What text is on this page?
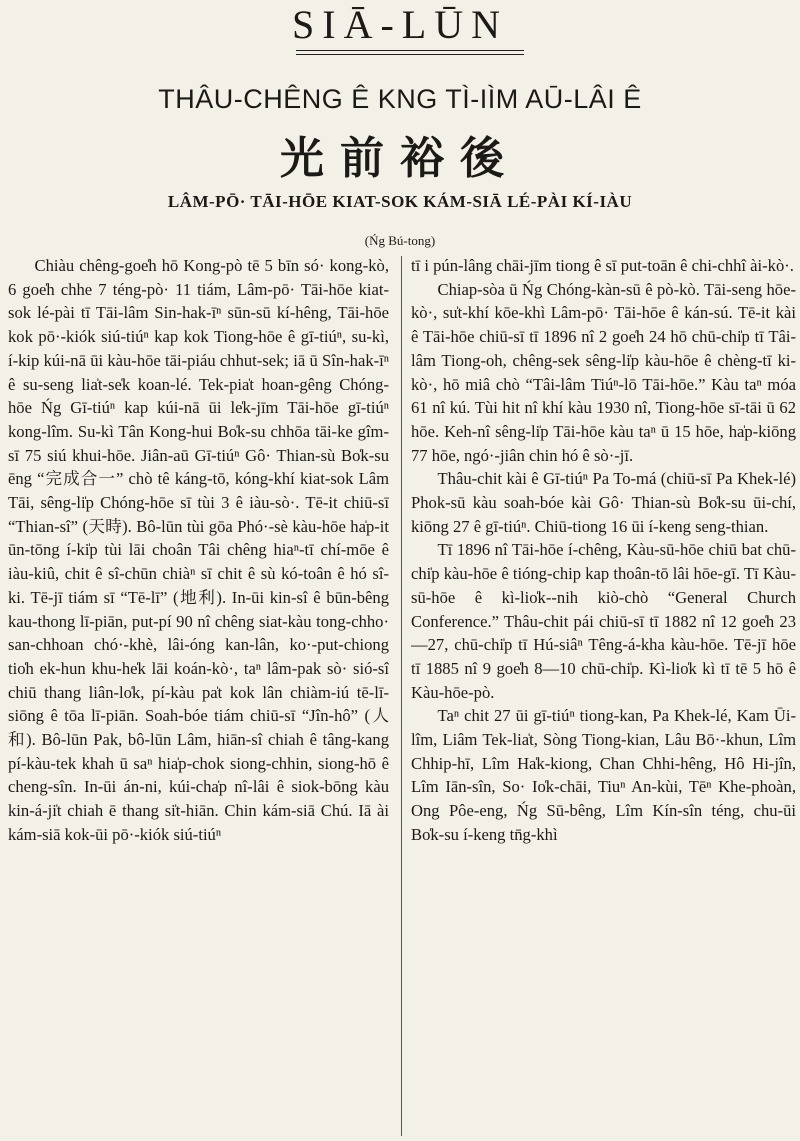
SIĀ-LŪN
THÂU-CHÊNG Ê KNG TÌ-IÌM AŪ-LÂI Ê
光前裕後
LÂM-PŌ· TĀI-HŌE KIAT-SOK KÁM-SIĀ LÉ-PÀI KÍ-IÀU
(Ńg Bú-tong)

Chiàu chêng-goe̍h hō Kong-pò tē 5 bīn só· kong-kò, 6 goe̍h chhe 7 téng-pò· 11 tiám, Lâm-pō· Tāi-hōe kiat-sok lé-pài tī Tāi-lâm Sin-hak-īⁿ sūn-sū kí-hêng, Tāi-hōe kok pō·-kiók siú-tiúⁿ kap kok Tiong-hōe ê gī-tiúⁿ, su-kì, í-kip kúi-nā ūi kàu-hōe tāi-piáu chhut-sek; iā ū Sîn-hak-īⁿ ê su-seng lia̍t-se̍k koan-lé. Tek-pia̍t hoan-gêng Chóng-hōe Ńg Gī-tiúⁿ kap kúi-nā ūi le̍k-jīm Tāi-hōe gī-tiúⁿ kong-lîm. Su-kì Tân Kong-hui Bo̍k-su chhōa tāi-ke gîm-sī 75 siú khui-hōe. Jiân-aū Gī-tiúⁿ Gô· Thian-sù Bo̍k-su ēng “完成合一” chò tê káng-tō, kóng-khí kiat-sok Lâm Tāi, sêng-li̍p Chóng-hōe sī tùi 3 ê iàu-sò·. Tē-it chiū-sī “Thian-sî” (天時). Bô-lūn tùi gōa Phó·-sè kàu-hōe ha̍p-it ūn-tōng í-ki̍p tùi lāi choân Tâi chêng hiaⁿ-tī chí-mōe ê iàu-kiû, chit ê sî-chūn chiàⁿ sī chit ê sù kó-toân ê hó sî-ki. Tē-jī tiám sī “Tē-lī” (地利). In-ūi kin-sî ê būn-bêng kau-thong lī-piān, put-pí 90 nî chêng siat-kàu tong-chho· san-chhoan chó·-khè, lâi-óng kan-lân, ko·-put-chiong tio̍h ek-hun khu-he̍k lāi koán-kò·, taⁿ lâm-pak sò· sió-sî chiū thang liân-lo̍k, pí-kàu pa̍t kok lân chiàm-iú tē-lī-siōng ê tōa lī-piān. Soah-bóe tiám chiū-sī “Jîn-hô” (人和). Bô-lūn Pak, bô-lūn Lâm, hiān-sî chiah ê tâng-kang pí-kàu-tek khah ū saⁿ hia̍p-chok siong-chhin, siong-hō ê cheng-sîn. In-ūi án-ni, kúi-cha̍p nî-lâi ê siok-bōng kàu kin-á-ji̍t chiah ē thang si̍t-hiān. Chin kám-siā Chú. Iā ài kám-siā kok-ūi pō·-kiók siú-tiúⁿ

tī i pún-lâng chāi-jīm tiong ê sī put-toān ê chi-chhî ài-kò·.

Chiap-sòa ū Ńg Chóng-kàn-sū ê pò-kò. Tāi-seng hōe-kò·, su̍t-khí kōe-khì Lâm-pō· Tāi-hōe ê kán-sú. Tē-it kài ê Tāi-hōe chiū-sī tī 1896 nî 2 goe̍h 24 hō chū-chi̍p tī Tâi-lâm Tiong-oh, chêng-sek sêng-li̍p kàu-hōe ê chèng-tī ki-kò·, hō miâ chò “Tâi-lâm Tiúⁿ-lō Tāi-hōe.” Kàu taⁿ móa 61 nî kú. Tùi hit nî khí kàu 1930 nî, Tiong-hōe sī-tāi ū 62 hōe. Keh-nî sêng-li̍p Tāi-hōe kàu taⁿ ū 15 hōe, ha̍p-kiōng 77 hōe, ngó·-jiân chin hó ê sò·-jī.

Thâu-chit kài ê Gī-tiúⁿ Pa To-má (chiū-sī Pa Khek-lé) Phok-sū kàu soah-bóe kài Gô· Thian-sù Bo̍k-su ūi-chí, kiōng 27 ê gī-tiúⁿ. Chiū-tiong 16 ūi í-keng seng-thian.

Tī 1896 nî Tāi-hōe í-chêng, Kàu-sū-hōe chiū bat chū-chi̍p kàu-hōe ê tióng-chip kap thoân-tō lâi hōe-gī. Tī Kàu-sū-hōe ê kì-lio̍k--nih kiò-chò “General Church Conference.” Thâu-chit pái chiū-sī tī 1882 nî 12 goe̍h 23—27, chū-chi̍p tī Hú-siâⁿ Têng-á-kha kàu-hōe. Tē-jī hōe tī 1885 nî 9 goe̍h 8—10 chū-chi̍p. Kì-lio̍k kì tī tē 5 hō ê Kàu-hōe-pò.

Taⁿ chit 27 ūi gī-tiúⁿ tiong-kan, Pa Khek-lé, Kam Ūi-lîm, Liâm Tek-lia̍t, Sòng Tiong-kian, Lâu Bō·-khun, Lîm Chhip-hī, Lîm Ha̍k-kiong, Chan Chhi-hêng, Hô Hi-jîn, Lîm Iān-sîn, So· Io̍k-chāi, Tiuⁿ An-kùi, Tēⁿ Khe-phoàn, Ong Pôe-eng, Ńg Sū-bêng, Lîm Kín-sîn téng, chu-ūi Bo̍k-su í-keng tn̄g-khì
